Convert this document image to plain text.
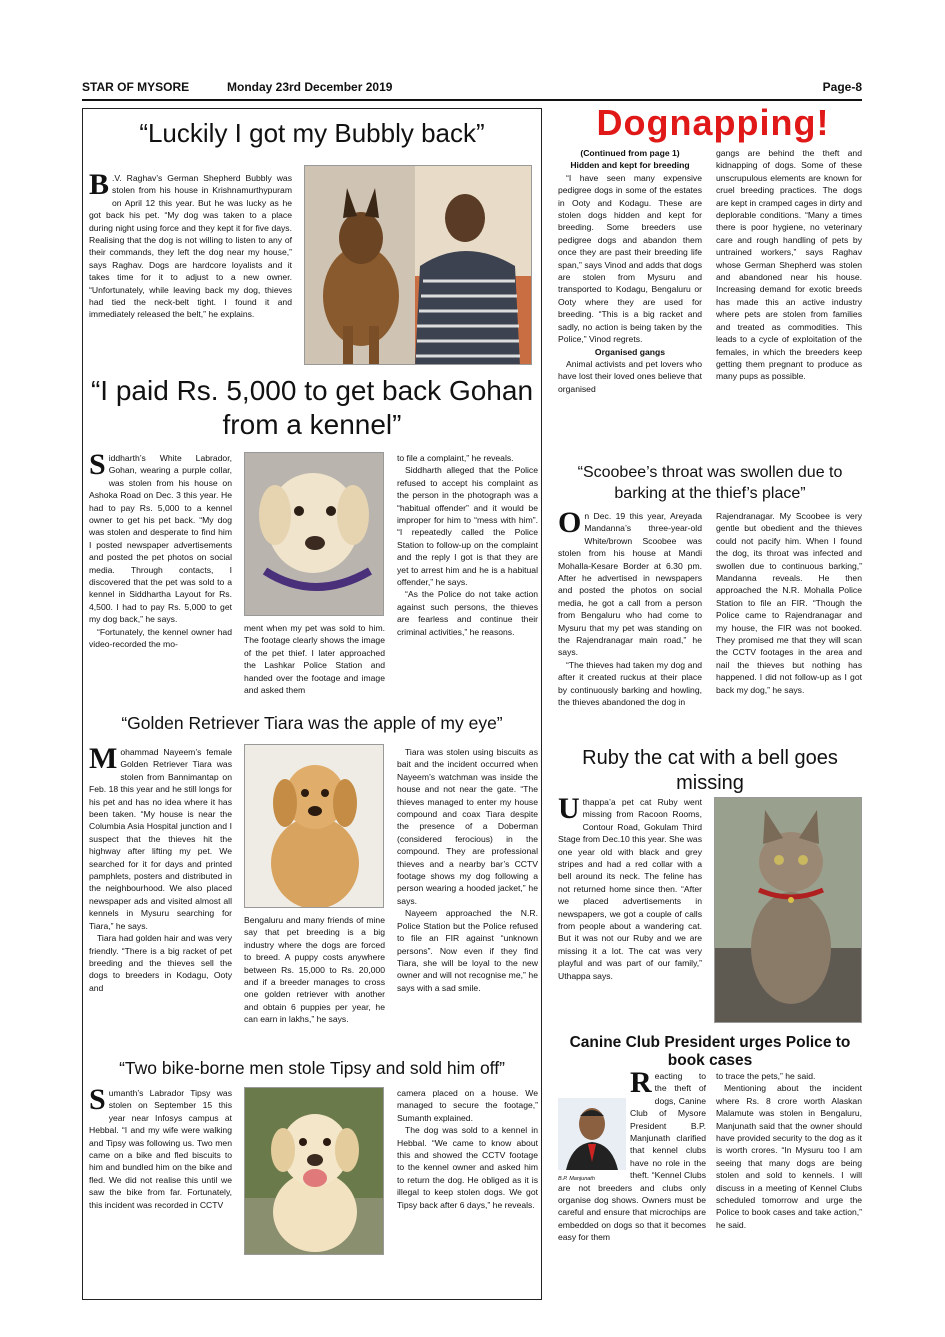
STAR OF MYSORE	Monday 23rd December 2019	Page-8
“Luckily I got my Bubbly back”
B .V. Raghav’s German Shepherd Bubbly was stolen from his house in Krishnamurthypuram on April 12 this year. But he was lucky as he got back his pet. “My dog was taken to a place during night using force and they kept it for five days. Realising that the dog is not willing to listen to any of their commands, they left the dog near my house,” says Raghav. Dogs are hardcore loyalists and it takes time for it to adjust to a new owner. “Unfortunately, while leaving back my dog, thieves had tied the neck-belt tight. I found it and immediately released the belt,” he explains.
“I paid Rs. 5,000 to get back Gohan from a kennel”
Siddharth’s White Labrador, Gohan, wearing a purple collar, was stolen from his house on Ashoka Road on Dec. 3 this year. He had to pay Rs. 5,000 to a kennel owner to get his pet back. “My dog was stolen and desperate to find him I posted newspaper advertisements and posted the pet photos on social media. Through contacts, I discovered that the pet was sold to a kennel in Siddhartha Layout for Rs. 4,500. I had to pay Rs. 5,000 to get my dog back,” he says.

“Fortunately, the kennel owner had video-recorded the mo-

ment when my pet was sold to him. The footage clearly shows the image of the pet thief. I later approached the Lashkar Police Station and handed over the footage and image and asked them

to file a complaint,” he reveals.

Siddharth alleged that the Police refused to accept his complaint as the person in the photograph was a “habitual offender” and it would be improper for him to “mess with him”. “I repeatedly called the Police Station to follow-up on the complaint and the reply I got is that they are yet to arrest him and he is a habitual offender,” he says.

“As the Police do not take action against such persons, the thieves are fearless and continue their criminal activities,” he reasons.

“Golden Retriever Tiara was the apple of my eye”
Mohammad Nayeem’s female Golden Retriever Tiara was stolen from Bannimantap on Feb. 18 this year and he still longs for his pet and has no idea where it has been taken. “My house is near the Columbia Asia Hospital junction and I suspect that the thieves hit the highway after lifting my pet. We searched for it for days and printed pamphlets, posters and distributed in the neighbourhood. We also placed newspaper ads and visited almost all kennels in Mysuru searching for Tiara,” he says.

Tiara had golden hair and was very friendly. “There is a big racket of pet breeding and the thieves sell the dogs to breeders in Kodagu, Ooty and

Bengaluru and many friends of mine say that pet breeding is a big industry where the dogs are forced to breed. A puppy costs anywhere between Rs. 15,000 to Rs. 20,000 and if a breeder manages to cross one golden retriever with another and obtain 6 puppies per year, he can earn in lakhs,” he says.

Tiara was stolen using biscuits as bait and the incident occurred when Nayeem’s watchman was inside the house and not near the gate. “The thieves managed to enter my house compound and coax Tiara despite the presence of a Doberman (considered ferocious) in the compound. They are professional thieves and a nearby bar’s CCTV footage shows my dog following a person wearing a hooded jacket,” he says.

Nayeem approached the N.R. Police Station but the Police refused to file an FIR against “unknown persons”. Now even if they find Tiara, she will be loyal to the new owner and will not recognise me,” he says with a sad smile.

“Two bike-borne men stole Tipsy and sold him off”
Sumanth’s Labrador Tipsy was stolen on September 15 this year near Infosys campus at Hebbal. “I and my wife were walking and Tipsy was following us. Two men came on a bike and fled biscuits to him and bundled him on the bike and fled. We did not realise this until we saw the bike from far. Fortunately, this incident was recorded in CCTV

camera placed on a house. We managed to secure the footage,” Sumanth explained.

The dog was sold to a kennel in Hebbal. “We came to know about this and showed the CCTV footage to the kennel owner and asked him to return the dog. He obliged as it is illegal to keep stolen dogs. We got Tipsy back after 6 days,” he reveals.

Dognapping!

(Continued from page 1)

Hidden and kept for breeding

“I have seen many expensive pedigree dogs in some of the estates in Ooty and Kodagu. These are stolen dogs hidden and kept for breeding. Some breeders use pedigree dogs and abandon them once they are past their breeding life span,” says Vinod and adds that dogs are stolen from Mysuru and transported to Kodagu, Bengaluru or Ooty where they are used for breeding. “This is a big racket and sadly, no action is being taken by the Police,” Vinod regrets.

Organised gangs

Animal activists and pet lovers who have lost their loved ones believe that organised

gangs are behind the theft and kidnapping of dogs. Some of these unscrupulous elements are known for cruel breeding practices. The dogs are kept in cramped cages in dirty and deplorable conditions. “Many a times there is poor hygiene, no veterinary care and rough handling of pets by untrained workers,” says Raghav whose German Shepherd was stolen and abandoned near his house. Increasing demand for exotic breeds has made this an active industry where pets are stolen from families and treated as commodities. This leads to a cycle of exploitation of the females, in which the breeders keep getting them pregnant to produce as many pups as possible.

“Scoobee’s throat was swollen due to barking at the thief’s place”
On Dec. 19 this year, Areyada Mandanna’s three-year-old White/brown Scoobee was stolen from his house at Mandi Mohalla-Kesare Border at 6.30 pm. After he advertised in newspapers and posted the photos on social media, he got a call from a person from Bengaluru who had come to Mysuru that my pet was standing on the Rajendranagar main road,” he says.

“The thieves had taken my dog and after it created ruckus at their place by continuously barking and howling, the thieves abandoned the dog in

Rajendranagar. My Scoobee is very gentle but obedient and the thieves could not pacify him. When I found the dog, its throat was infected and swollen due to continuous barking,” Mandanna reveals. He then approached the N.R. Mohalla Police Station to file an FIR. “Though the Police came to Rajendranagar and my house, the FIR was not booked. They promised me that they will scan the CCTV footages in the area and nail the thieves but nothing has happened. I did not follow-up as I got back my dog,” he says.

Ruby the cat with a bell goes missing
Uthappa’a pet cat Ruby went missing from Racoon Rooms, Contour Road, Gokulam Third Stage from Dec.10 this year. She was one year old with black and grey stripes and had a red collar with a bell around its neck. The feline has not returned home since then. “After we placed advertisements in newspapers, we got a couple of calls from people about a wandering cat. But it was not our Ruby and we are missing it a lot. The cat was very playful and was part of our family,” Uthappa says.
Canine Club President urges Police to book cases
B.P. Manjunath
R eacting to the theft of dogs, Canine Club of Mysore President B.P. Manjunath clarified that kennel clubs have no role in the theft. “Kennel Clubs are not breeders and clubs only organise dog shows. Owners must be careful and ensure that microchips are embedded on dogs so that it becomes easy for them

to trace the pets,” he said.

Mentioning about the incident where Rs. 8 crore worth Alaskan Malamute was stolen in Bengaluru, Manjunath said that the owner should have provided security to the dog as it is worth crores. “In Mysuru too I am seeing that many dogs are being stolen and sold to kennels. I will discuss in a meeting of Kennel Clubs scheduled tomorrow and urge the Police to book cases and take action,” he said.
